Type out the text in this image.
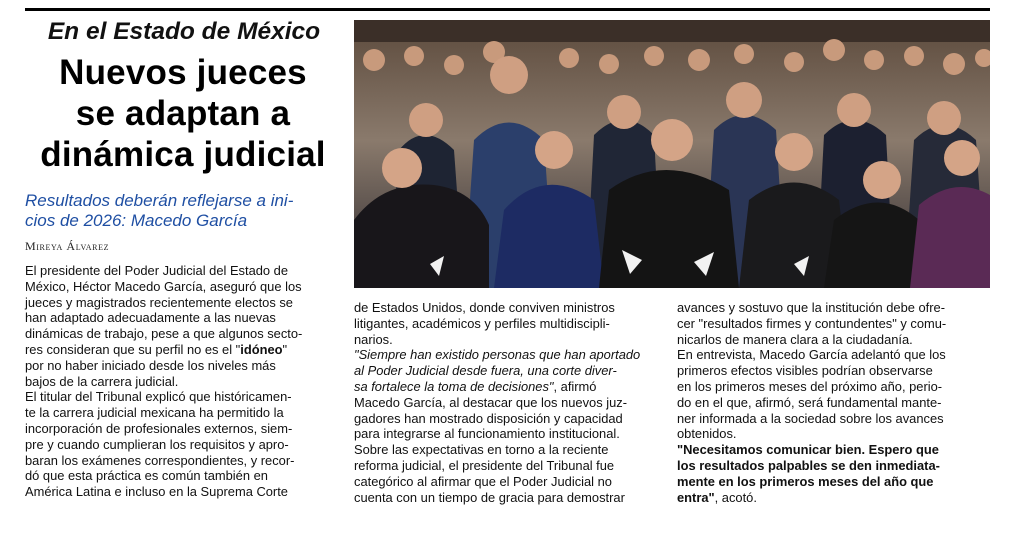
En el Estado de México
Nuevos jueces
se adaptan a
dinámica judicial
Resultados deberán reflejarse a ini-
cios de 2026: Macedo García
Mireya Álvarez
El presidente del Poder Judicial del Estado de
México, Héctor Macedo García, aseguró que los
jueces y magistrados recientemente electos se
han adaptado adecuadamente a las nuevas
dinámicas de trabajo, pese a que algunos secto-
res consideran que su perfil no es el "idóneo"
por no haber iniciado desde los niveles más
bajos de la carrera judicial.
El titular del Tribunal explicó que históricamen-
te la carrera judicial mexicana ha permitido la
incorporación de profesionales externos, siem-
pre y cuando cumplieran los requisitos y apro-
baran los exámenes correspondientes, y recor-
dó que esta práctica es común también en
América Latina e incluso en la Suprema Corte
de Estados Unidos, donde conviven ministros
litigantes, académicos y perfiles multidiscipli-
narios.
"Siempre han existido personas que han aportado
al Poder Judicial desde fuera, una corte diver-
sa fortalece la toma de decisiones", afirmó
Macedo García, al destacar que los nuevos juz-
gadores han mostrado disposición y capacidad
para integrarse al funcionamiento institucional.
Sobre las expectativas en torno a la reciente
reforma judicial, el presidente del Tribunal fue
categórico al afirmar que el Poder Judicial no
cuenta con un tiempo de gracia para demostrar
avances y sostuvo que la institución debe ofre-
cer "resultados firmes y contundentes" y comu-
nicarlos de manera clara a la ciudadanía.
En entrevista, Macedo García adelantó que los
primeros efectos visibles podrían observarse
en los primeros meses del próximo año, perio-
do en el que, afirmó, será fundamental mante-
ner informada a la sociedad sobre los avances
obtenidos.
"Necesitamos comunicar bien. Espero que
los resultados palpables se den inmediata-
mente en los primeros meses del año que
entra", acotó.
